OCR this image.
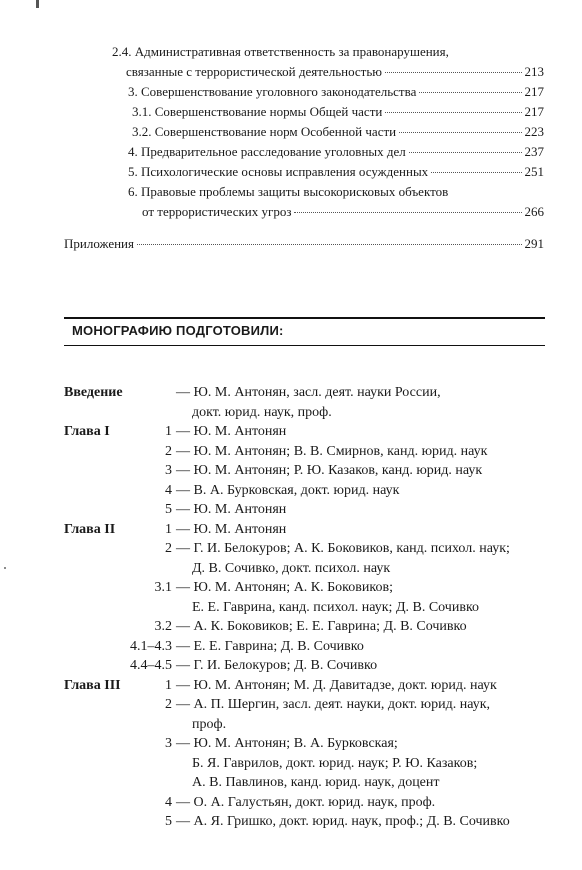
2.4. Административная ответственность за правонарушения,
связанные с террористической деятельностью	213
3. Совершенствование уголовного законодательства	217
3.1. Совершенствование нормы Общей части	217
3.2. Совершенствование норм Особенной части	223
4. Предварительное расследование уголовных дел	237
5. Психологические основы исправления осужденных	251
6. Правовые проблемы защиты высокорисковых объектов
от террористических угроз	266
Приложения	291
МОНОГРАФИЮ ПОДГОТОВИЛИ:
Введение	— Ю. М. Антонян, засл. деят. науки России,
докт. юрид. наук, проф.
Глава I	1 — Ю. М. Антонян
2 — Ю. М. Антонян; В. В. Смирнов, канд. юрид. наук
3 — Ю. М. Антонян; Р. Ю. Казаков, канд. юрид. наук
4 — В. А. Бурковская, докт. юрид. наук
5 — Ю. М. Антонян
Глава II	1 — Ю. М. Антонян
2 — Г. И. Белокуров; А. К. Боковиков, канд. психол. наук;
Д. В. Сочивко, докт. психол. наук
3.1 — Ю. М. Антонян; А. К. Боковиков;
Е. Е. Гаврина, канд. психол. наук; Д. В. Сочивко
3.2 — А. К. Боковиков; Е. Е. Гаврина; Д. В. Сочивко
4.1–4.3 — Е. Е. Гаврина; Д. В. Сочивко
4.4–4.5 — Г. И. Белокуров; Д. В. Сочивко
Глава III	1 — Ю. М. Антонян; М. Д. Давитадзе, докт. юрид. наук
2 — А. П. Шергин, засл. деят. науки, докт. юрид. наук,
проф.
3 — Ю. М. Антонян; В. А. Бурковская;
Б. Я. Гаврилов, докт. юрид. наук; Р. Ю. Казаков;
А. В. Павлинов, канд. юрид. наук, доцент
4 — О. А. Галустьян, докт. юрид. наук, проф.
5 — А. Я. Гришко, докт. юрид. наук, проф.; Д. В. Сочивко
